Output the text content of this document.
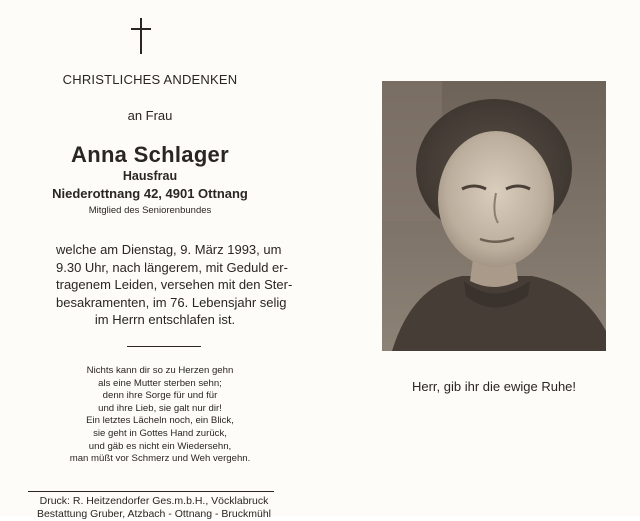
CHRISTLICHES ANDENKEN
an Frau
Anna Schlager
Hausfrau
Niederottnang 42, 4901 Ottnang
Mitglied des Seniorenbundes
welche am Dienstag, 9. März 1993, um
9.30 Uhr, nach längerem, mit Geduld er-
tragenem Leiden, versehen mit den Ster-
besakramenten, im 76. Lebensjahr selig
im Herrn entschlafen ist.
Nichts kann dir so zu Herzen gehn
als eine Mutter sterben sehn;
denn ihre Sorge für und für
und ihre Lieb, sie galt nur dir!
Ein letztes Lächeln noch, ein Blick,
sie geht in Gottes Hand zurück,
und gäb es nicht ein Wiedersehn,
man müßt vor Schmerz und Weh vergehn.
Druck: R. Heitzendorfer Ges.m.b.H., Vöcklabruck
Bestattung Gruber, Atzbach - Ottnang - Bruckmühl
Herr, gib ihr die ewige Ruhe!
